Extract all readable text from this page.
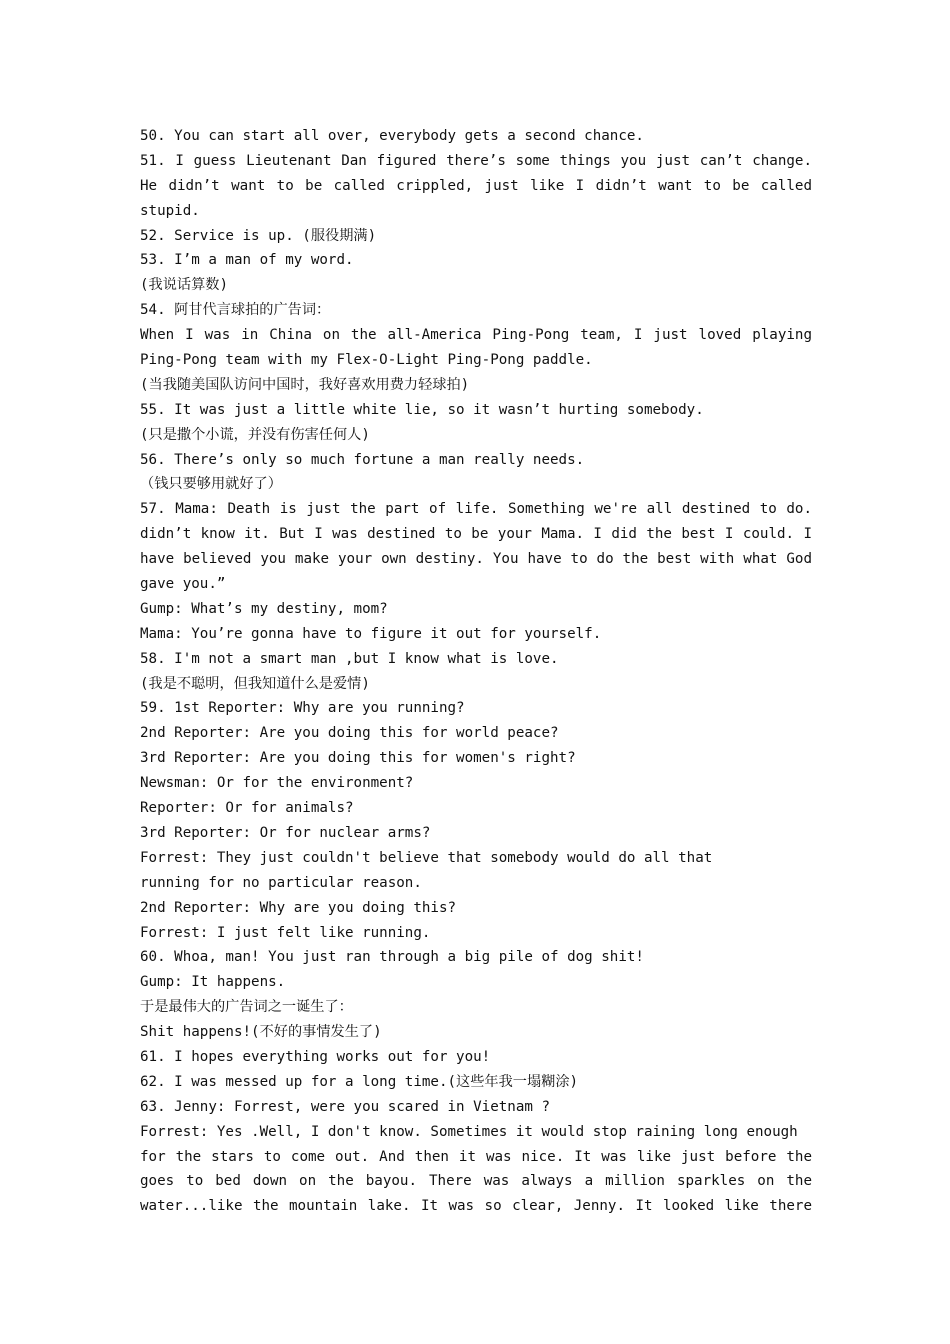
50. You can start all over, everybody gets a second chance.
51. I guess Lieutenant Dan figured there’s some things you just can’t change.
He didn’t want to be called crippled, just like I didn’t want to be called
stupid.
52. Service is up. (服役期满)
53. I’m a man of my word.
(我说话算数)
54. 阿甘代言球拍的广告词：
When I was in China on the all-America Ping-Pong team, I just loved playing
Ping-Pong team with my Flex-O-Light Ping-Pong paddle.
(当我随美国队访问中国时，我好喜欢用费力轻球拍)
55. It was just a little white lie, so it wasn’t hurting somebody.
(只是撒个小谎，并没有伤害任何人)
56. There’s only so much fortune a man really needs.
（钱只要够用就好了）
57. Mama: Death is just the part of life. Something we're all destined to do.
didn’t know it. But I was destined to be your Mama. I did the best I could. I
have believed you make your own destiny. You have to do the best with what God
gave you.”
Gump: What’s my destiny, mom?
Mama: You’re gonna have to figure it out for yourself.
58. I'm not a smart man ,but I know what is love.
(我是不聪明，但我知道什么是爱情)
59. 1st Reporter: Why are you running?
2nd Reporter: Are you doing this for world peace?
3rd Reporter: Are you doing this for women's right?
Newsman: Or for the environment?
Reporter: Or for animals?
3rd Reporter: Or for nuclear arms?
Forrest: They just couldn't believe that somebody would do all that
running for no particular reason.
2nd Reporter: Why are you doing this?
Forrest: I just felt like running.
60. Whoa, man! You just ran through a big pile of dog shit!
Gump: It happens.
于是最伟大的广告词之一诞生了：
Shit happens!(不好的事情发生了)
61. I hopes everything works out for you!
62. I was messed up for a long time.(这些年我一塌糊涂)
63. Jenny: Forrest, were you scared in Vietnam ?
Forrest: Yes .Well, I don't know. Sometimes it would stop raining long enough
for the stars to come out. And then it was nice. It was like just before the
goes to bed down on the bayou. There was always a million sparkles on the
water...like the mountain lake. It was so clear, Jenny. It looked like there
